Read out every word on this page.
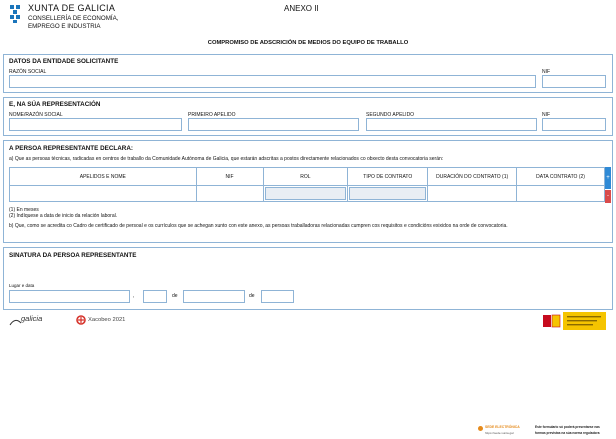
XUNTA DE GALICIA
CONSELLERÍA DE ECONOMÍA,
EMPREGO E INDUSTRIA
ANEXO II
COMPROMISO DE ADSCRICIÓN DE MEDIOS DO EQUIPO DE TRABALLO
DATOS DA ENTIDADE SOLICITANTE
RAZÓN SOCIAL	NIF
E, NA SÚA REPRESENTACIÓN
NOME/RAZÓN SOCIAL	PRIMEIRO APELIDO	SEGUNDO APELIDO	NIF
A PERSOA REPRESENTANTE DECLARA:
a) Que as persoas técnicas, radicadas en centros de traballo da Comunidade Autónoma de Galicia, que estarán adscritas a postos directamente relacionados co obxecto desta convocatoria serán:
APELIDOS E NOME	NIF	ROL	TIPO DE CONTRATO	DURACIÓN DO CONTRATO (1)	DATA CONTRATO (2)

			+
-
(1) En meses
(2) Indíquese a data de inicio da relación laboral.
b) Que, como se acredita co Cadro de certificado de persoal e os currículos que se achegan xunto con este anexo, as persoas traballadoras relacionadas cumpren cos requisitos e condicións exixidos na orde de convocatoria.
SINATURA DA PERSOA REPRESENTANTE
Lugar e data
,	de	de
galicia	Xacobeo 2021
SEDE ELECTRÓNICA
https://sede.xunta.gal
Este formulario só poderá presentarse nas
formas previstas na súa norma reguladora
